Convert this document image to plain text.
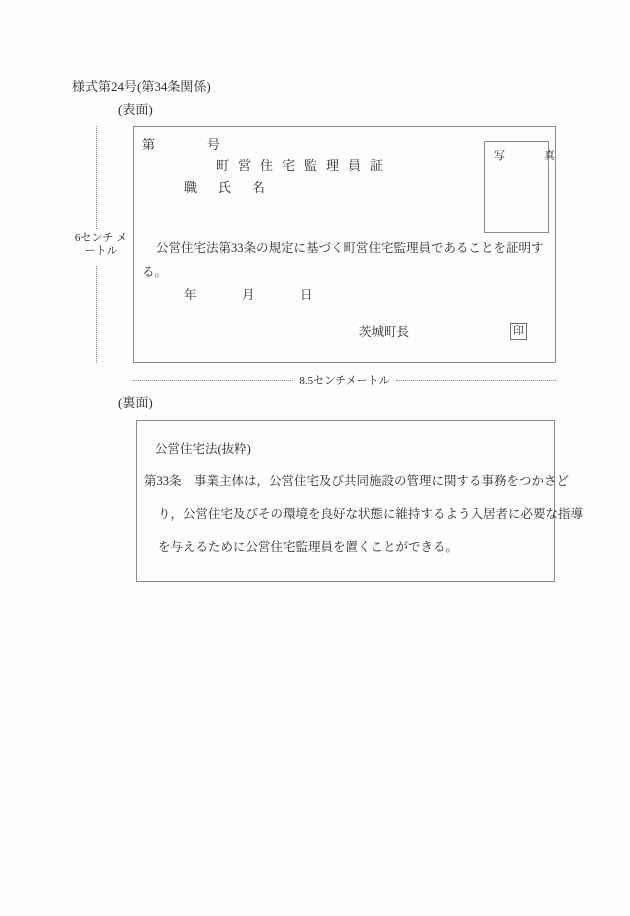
様式第24号(第34条関係)
(表面)
6センチ メートル
第　　　　号
町営住宅監理員証
職　氏　名
写　真
公営住宅法第33条の規定に基づく町営住宅監理員であることを証明す
る。
年　　　月　　　日
茨城町長	印
8.5センチメートル
(裏面)
公営住宅法(抜粋)
第33条　事業主体は，公営住宅及び共同施設の管理に関する事務をつかさど
り，公営住宅及びその環境を良好な状態に維持するよう入居者に必要な指導
を与えるために公営住宅監理員を置くことができる。
